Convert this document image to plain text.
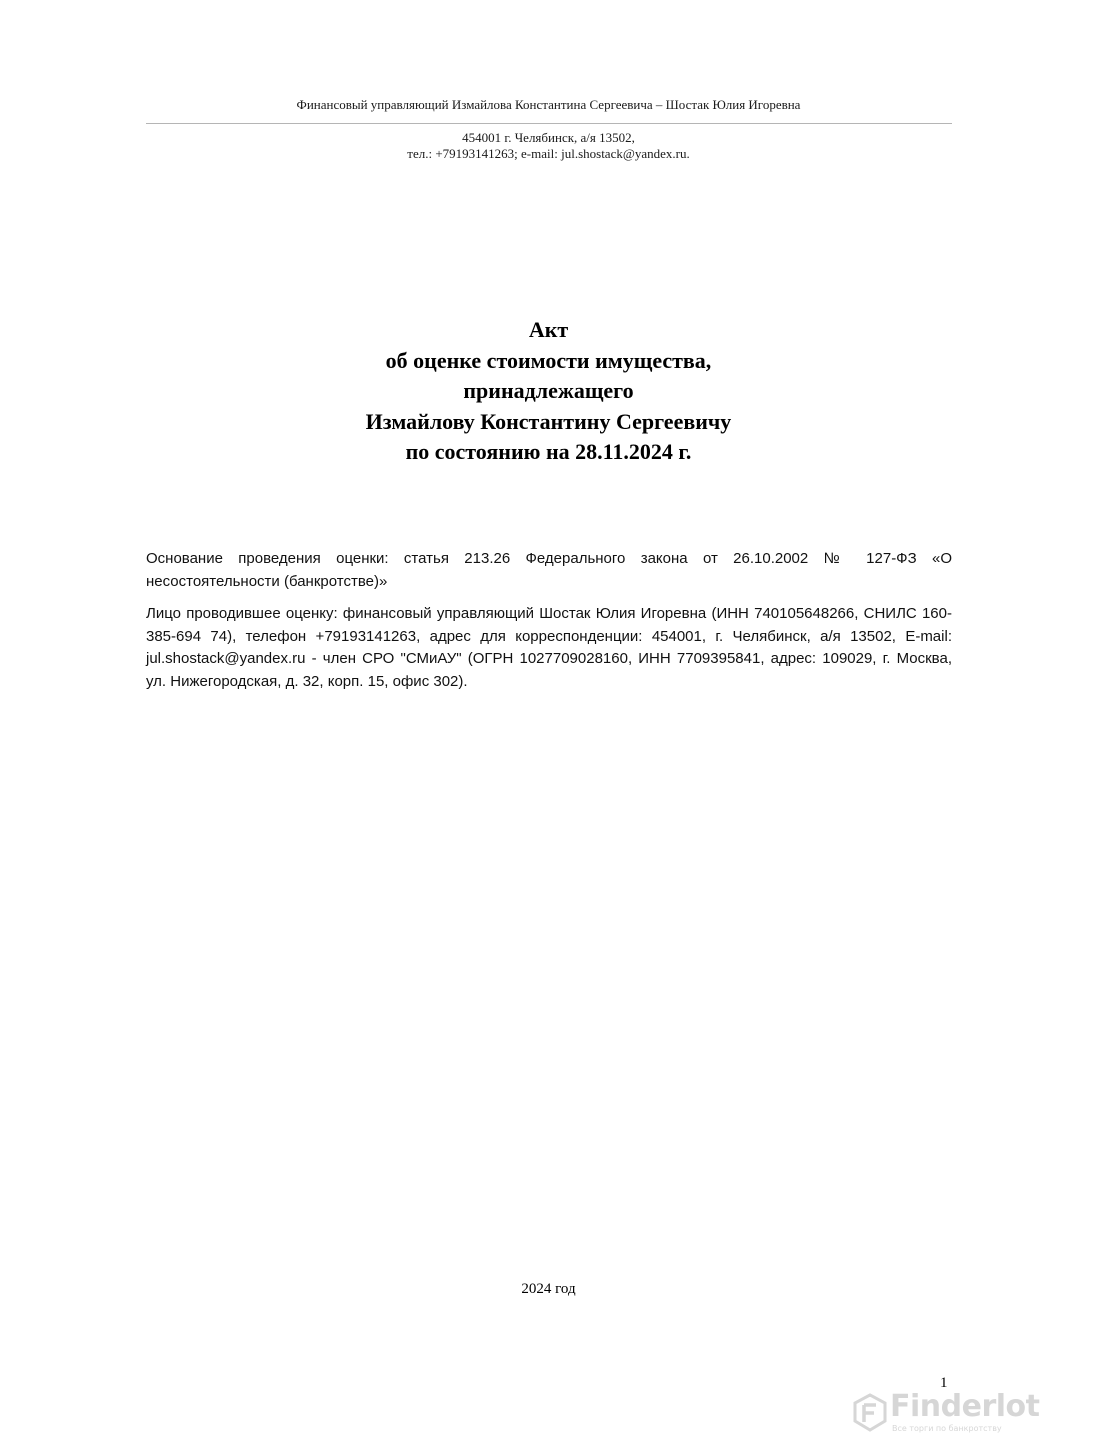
Финансовый управляющий Измайлова Константина Сергеевича – Шостак Юлия Игоревна
454001 г. Челябинск, а/я 13502,
тел.: +79193141263; e-mail: jul.shostack@yandex.ru.
Акт
об оценке стоимости имущества,
принадлежащего
Измайлову Константину Сергеевичу
по состоянию на 28.11.2024 г.
Основание проведения оценки: статья 213.26 Федерального закона от 26.10.2002 № 127-ФЗ «О несостоятельности (банкротстве)»
Лицо проводившее оценку: финансовый управляющий Шостак Юлия Игоревна (ИНН 740105648266, СНИЛС 160-385-694 74), телефон +79193141263, адрес для корреспонденции: 454001, г. Челябинск, а/я 13502, E-mail: jul.shostack@yandex.ru - член СРО "СМиАУ" (ОГРН 1027709028160, ИНН 7709395841, адрес: 109029, г. Москва, ул. Нижегородская, д. 32, корп. 15, офис 302).
2024 год
1
Finderlot
Все торги по банкротству
